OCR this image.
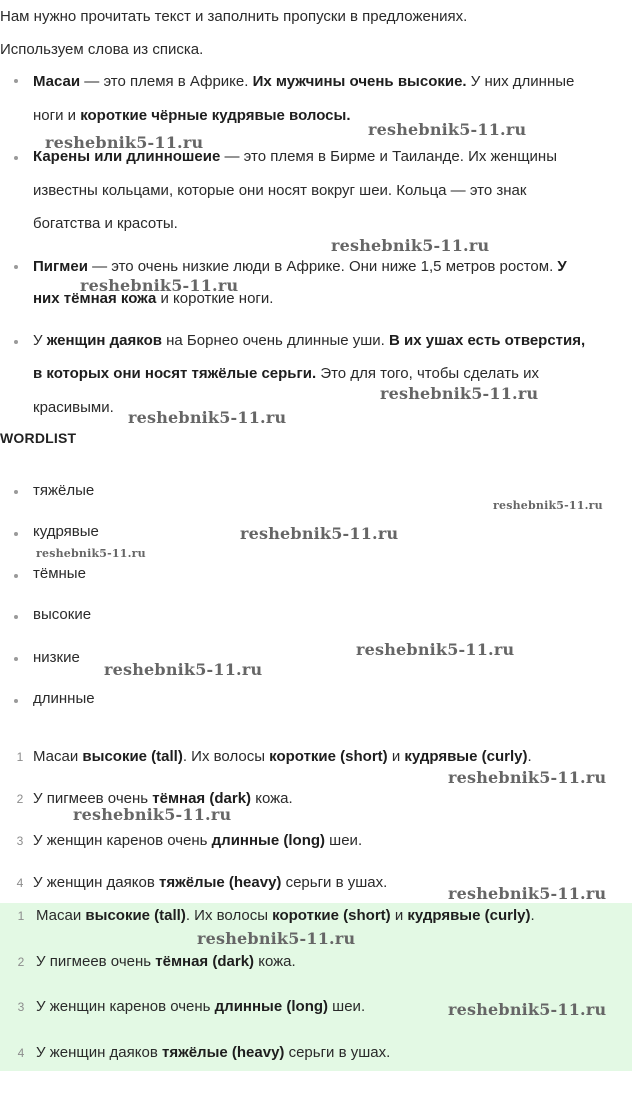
Нам нужно прочитать текст и заполнить пропуски в предложениях.

Используем слова из списка.

Масаи — это племя в Африке. Их мужчины очень высокие. У них длинные
ноги и короткие чёрные кудрявые волосы.
Карены или длинношеие — это племя в Бирме и Таиланде. Их женщины
известны кольцами, которые они носят вокруг шеи. Кольца — это знак
богатства и красоты.
Пигмеи — это очень низкие люди в Африке. Они ниже 1,5 метров ростом. У
них тёмная кожа и короткие ноги.
У женщин даяков на Борнео очень длинные уши. В их ушах есть отверстия,
в которых они носят тяжёлые серьги. Это для того, чтобы сделать их
красивыми.
WORDLIST
тяжёлые
кудрявые
тёмные
высокие
низкие
длинные
1 Масаи высокие (tall). Их волосы короткие (short) и кудрявые (curly).
2 У пигмеев очень тёмная (dark) кожа.
3 У женщин каренов очень длинные (long) шеи.
4 У женщин даяков тяжёлые (heavy) серьги в ушах.
1 Масаи высокие (tall). Их волосы короткие (short) и кудрявые (curly).
2 У пигмеев очень тёмная (dark) кожа.
3 У женщин каренов очень длинные (long) шеи.
4 У женщин даяков тяжёлые (heavy) серьги в ушах.
reshebnik5-11.ru
reshebnik5-11.ru
reshebnik5-11.ru
reshebnik5-11.ru
reshebnik5-11.ru
reshebnik5-11.ru
reshebnik5-11.ru
reshebnik5-11.ru
reshebnik5-11.ru
reshebnik5-11.ru
reshebnik5-11.ru
reshebnik5-11.ru
reshebnik5-11.ru
reshebnik5-11.ru
reshebnik5-11.ru
reshebnik5-11.ru
